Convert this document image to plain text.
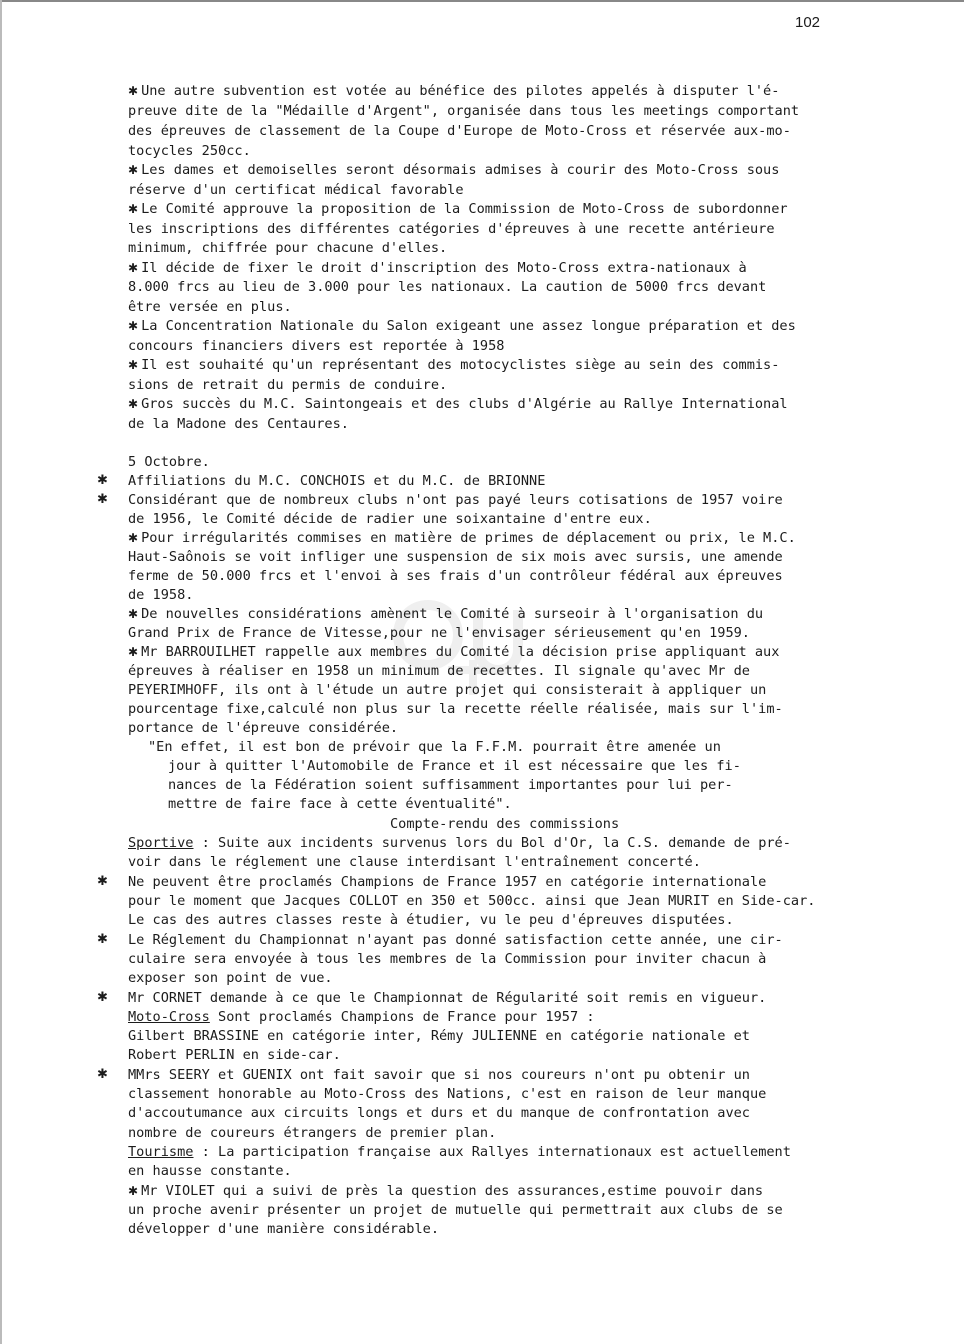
102
✱ Une autre subvention est votée au bénéfice des pilotes appelés à disputer l'é-
preuve dite de la "Médaille d'Argent", organisée dans tous les meetings comportant
des épreuves de classement de la Coupe d'Europe de Moto-Cross et réservée aux-mo-
tocycles 250cc.
✱ Les dames et demoiselles seront désormais admises à courir des Moto-Cross sous
réserve d'un certificat médical favorable
✱ Le Comité approuve la proposition de la Commission de Moto-Cross de subordonner
les inscriptions des différentes catégories d'épreuves à une recette antérieure
minimum, chiffrée pour chacune d'elles.
✱ Il décide de fixer le droit d'inscription des Moto-Cross extra-nationaux à
8.000 frcs au lieu de 3.000 pour les nationaux. La caution de 5000 frcs devant
être versée en plus.
✱ La Concentration Nationale du Salon exigeant une assez longue préparation et des
concours financiers divers est reportée à 1958
✱ Il est souhaité qu'un représentant des motocyclistes siège au sein des commis-
sions de retrait du permis de conduire.
✱ Gros succès du M.C. Saintongeais et des clubs d'Algérie au Rallye International
de la Madone des Centaures.
5 Octobre.
✱	Affiliations du M.C. CONCHOIS et du M.C. de BRIONNE
✱	Considérant que de nombreux clubs n'ont pas payé leurs cotisations de 1957 voire
de 1956, le Comité décide de radier une soixantaine d'entre eux.
✱ Pour irrégularités commises en matière de primes de déplacement ou prix, le M.C.
Haut-Saônois se voit infliger une suspension de six mois avec sursis, une amende
ferme de 50.000 frcs et l'envoi à ses frais d'un contrôleur fédéral aux épreuves
de 1958.
✱ De nouvelles considérations amènent le Comité à surseoir à l'organisation du
Grand Prix de France de Vitesse,pour ne l'envisager sérieusement qu'en 1959.
✱ Mr BARROUILHET rappelle aux membres du Comité la décision prise appliquant aux
épreuves à réaliser en 1958 un minimum de recettes. Il signale qu'avec Mr de
PEYERIMHOFF, ils ont à l'étude un autre projet qui consisterait à appliquer un
pourcentage fixe,calculé non plus sur la recette réelle réalisée, mais sur l'im-
portance de l'épreuve considérée.
"En effet, il est bon de prévoir que la F.F.M. pourrait être amenée un
jour à quitter l'Automobile de France et il est nécessaire que les fi-
nances de la Fédération soient suffisamment importantes pour lui per-
mettre de faire face à cette éventualité".
Compte-rendu des commissions
Sportive : Suite aux incidents survenus lors du Bol d'Or, la C.S. demande de pré-
voir dans le réglement une clause interdisant l'entraînement concerté.
✱	Ne peuvent être proclamés Champions de France 1957 en catégorie internationale
pour le moment que Jacques COLLOT en 350 et 500cc. ainsi que Jean MURIT en Side-car.
Le cas des autres classes reste à étudier, vu le peu d'épreuves disputées.
✱	Le Réglement du Championnat n'ayant pas donné satisfaction cette année, une cir-
culaire sera envoyée à tous les membres de la Commission pour inviter chacun à
exposer son point de vue.
✱	Mr CORNET demande à ce que le Championnat de Régularité soit remis en vigueur.
Moto-Cross Sont proclamés Champions de France pour 1957 :
Gilbert BRASSINE en catégorie inter, Rémy JULIENNE en catégorie nationale et
Robert PERLIN en side-car.
✱	MMrs SEERY et GUENIX ont fait savoir que si nos coureurs n'ont pu obtenir un
classement honorable au Moto-Cross des Nations, c'est en raison de leur manque
d'accoutumance aux circuits longs et durs et du manque de confrontation avec
nombre de coureurs étrangers de premier plan.
Tourisme : La participation française aux Rallyes internationaux est actuellement
en hausse constante.
✱ Mr VIOLET qui a suivi de près la question des assurances,estime pouvoir dans
un proche avenir présenter un projet de mutuelle qui permettrait aux clubs de se
développer d'une manière considérable.
